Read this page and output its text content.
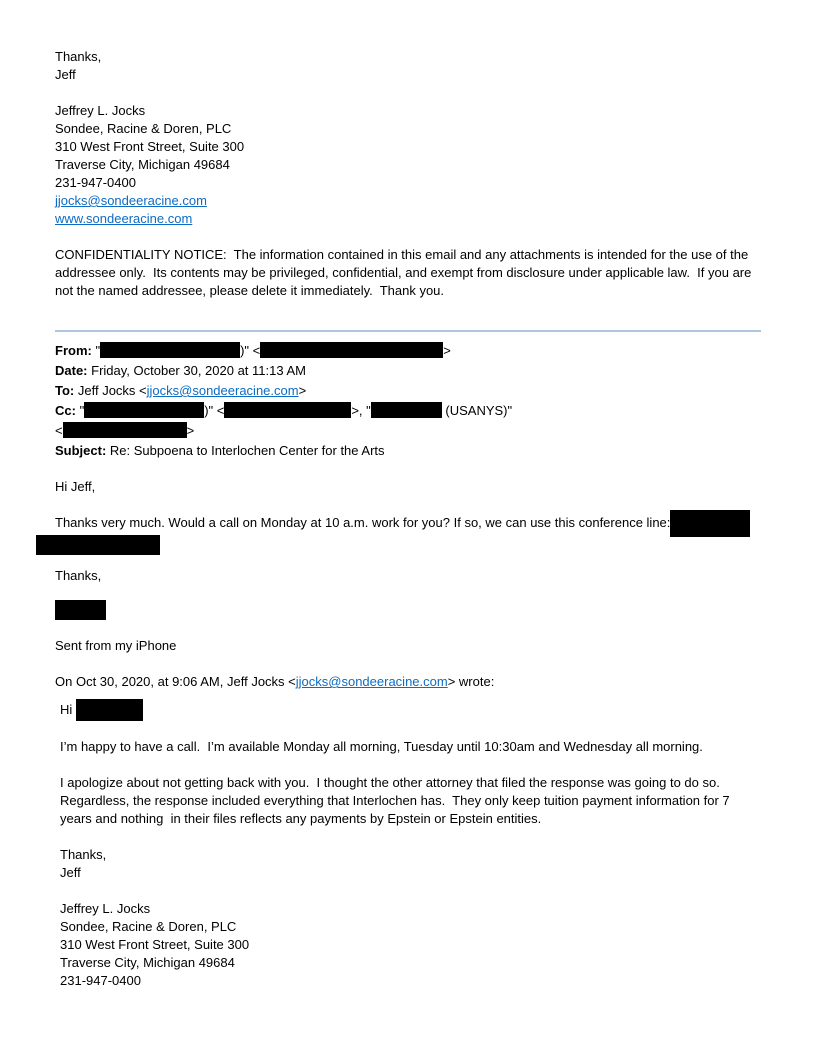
Thanks,
Jeff
Jeffrey L. Jocks
Sondee, Racine & Doren, PLC
310 West Front Street, Suite 300
Traverse City, Michigan 49684
231-947-0400
jjocks@sondeeracine.com
www.sondeeracine.com
CONFIDENTIALITY NOTICE:  The information contained in this email and any attachments is intended for the use of the addressee only.  Its contents may be privileged, confidential, and exempt from disclosure under applicable law.  If you are not the named addressee, please delete it immediately.  Thank you.
From: "	)" <	>
Date: Friday, October 30, 2020 at 11:13 AM
To: Jeff Jocks <jjocks@sondeeracine.com>
Cc: "	)" <	>, "	(USANYS)"
<	>
Subject: Re: Subpoena to Interlochen Center for the Arts
Hi Jeff,
Thanks very much. Would a call on Monday at 10 a.m. work for you? If so, we can use this conference line:
Thanks,
Sent from my iPhone
On Oct 30, 2020, at 9:06 AM, Jeff Jocks <jjocks@sondeeracine.com> wrote:
Hi
I’m happy to have a call.  I’m available Monday all morning, Tuesday until 10:30am and Wednesday all morning.
I apologize about not getting back with you.  I thought the other attorney that filed the response was going to do so.  Regardless, the response included everything that Interlochen has.  They only keep tuition payment information for 7 years and nothing  in their files reflects any payments by Epstein or Epstein entities.
Thanks,
Jeff
Jeffrey L. Jocks
Sondee, Racine & Doren, PLC
310 West Front Street, Suite 300
Traverse City, Michigan 49684
231-947-0400
